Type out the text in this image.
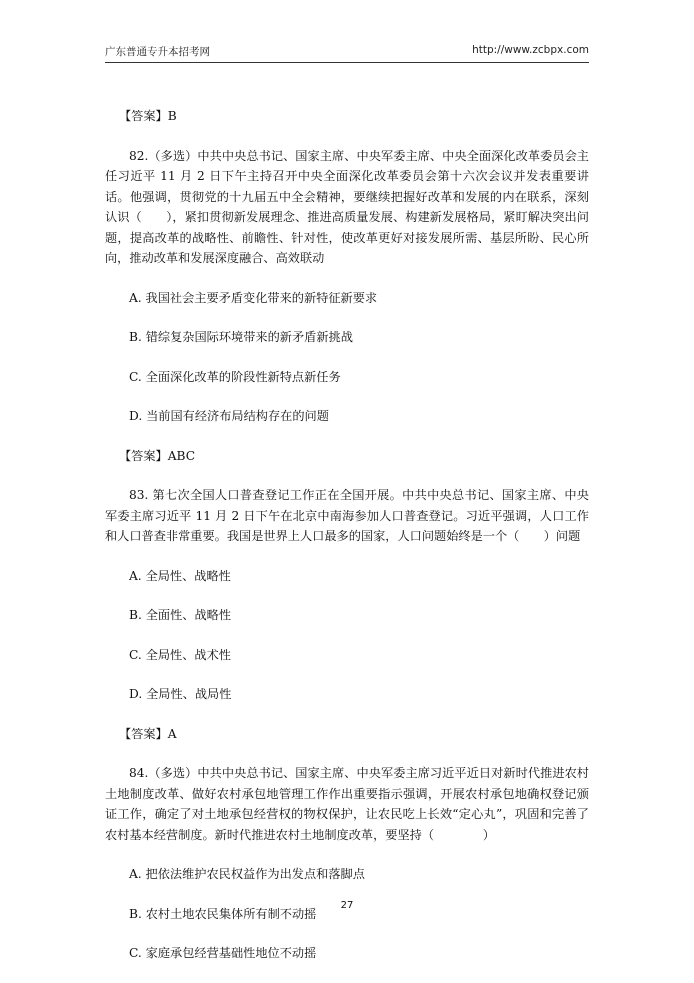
广东普通专升本招考网	http://www.zcbpx.com

【答案】B

82.（多选）中共中央总书记、国家主席、中央军委主席、中央全面深化改革委员会主任习近平 11 月 2 日下午主持召开中央全面深化改革委员会第十六次会议并发表重要讲话。他强调，贯彻党的十九届五中全会精神，要继续把握好改革和发展的内在联系，深刻认识（　　），紧扣贯彻新发展理念、推进高质量发展、构建新发展格局，紧盯解决突出问题，提高改革的战略性、前瞻性、针对性，使改革更好对接发展所需、基层所盼、民心所向，推动改革和发展深度融合、高效联动

A. 我国社会主要矛盾变化带来的新特征新要求

B. 错综复杂国际环境带来的新矛盾新挑战

C. 全面深化改革的阶段性新特点新任务

D. 当前国有经济布局结构存在的问题

【答案】ABC

83. 第七次全国人口普查登记工作正在全国开展。中共中央总书记、国家主席、中央军委主席习近平 11 月 2 日下午在北京中南海参加人口普查登记。习近平强调，人口工作和人口普查非常重要。我国是世界上人口最多的国家，人口问题始终是一个（　　）问题

A. 全局性、战略性

B. 全面性、战略性

C. 全局性、战术性

D. 全局性、战局性

【答案】A

84.（多选）中共中央总书记、国家主席、中央军委主席习近平近日对新时代推进农村土地制度改革、做好农村承包地管理工作作出重要指示强调，开展农村承包地确权登记颁证工作，确定了对土地承包经营权的物权保护，让农民吃上长效“定心丸”，巩固和完善了农村基本经营制度。新时代推进农村土地制度改革，要坚持（　　　　）

A. 把依法维护农民权益作为出发点和落脚点

B. 农村土地农民集体所有制不动摇

C. 家庭承包经营基础性地位不动摇

27
